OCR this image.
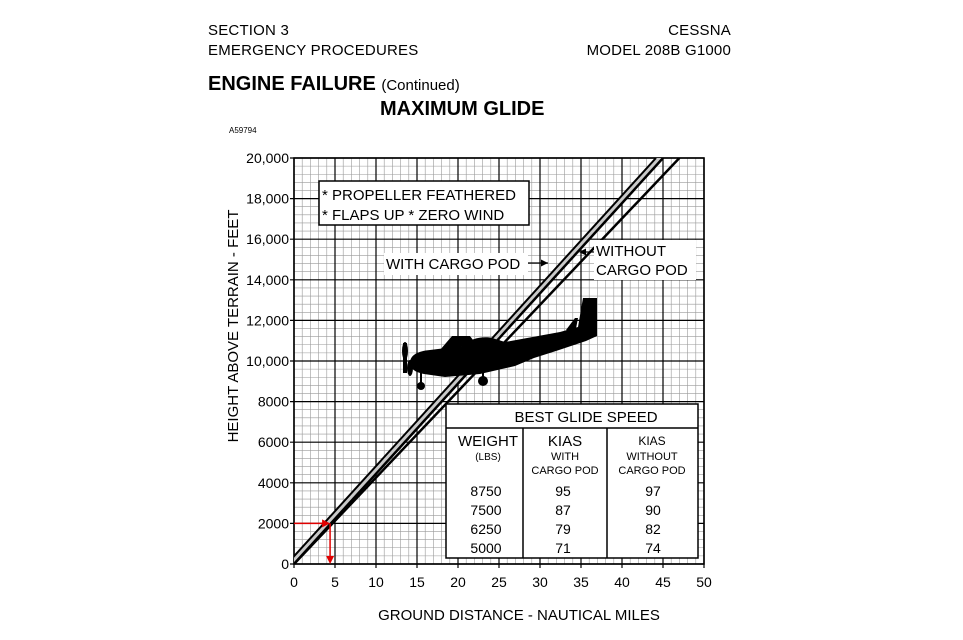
SECTION 3
EMERGENCY PROCEDURES
CESSNA
MODEL 208B G1000
ENGINE FAILURE (Continued)
MAXIMUM GLIDE
A59794
0 5 10 15 20 25 30 35 40 45 50
0
2000
4000
6000
8000
10,000
12,000
14,000
16,000
18,000
20,000
* PROPELLER FEATHERED
* FLAPS UP * ZERO WIND
WITH CARGO POD
WITHOUT
CARGO POD
BEST GLIDE SPEED
WEIGHT
(LBS)
KIAS
WITH
CARGO POD
KIAS
WITHOUT
CARGO POD
8750	95	97
7500	87	90
6250	79	82
5000	71	74
GROUND DISTANCE - NAUTICAL MILES
HEIGHT ABOVE TERRAIN - FEET
